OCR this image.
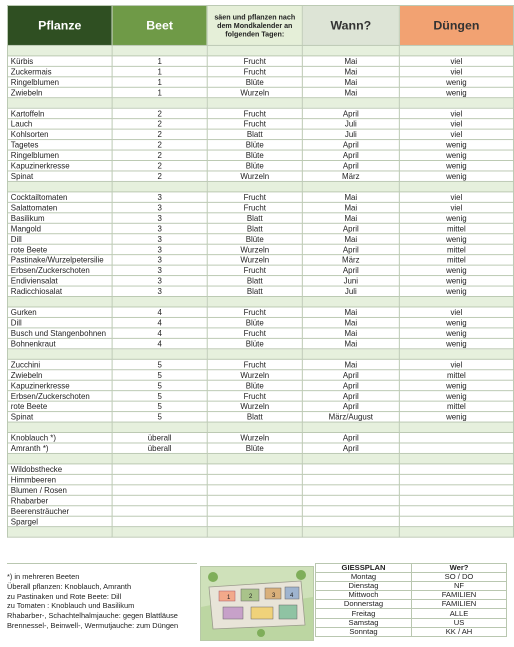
Pflanze	Beet	säen und pflanzen nach dem Mondkalender an folgenden Tagen:	Wann?	Düngen

Kürbis	1	Frucht	Mai	viel
Zuckermais	1	Frucht	Mai	viel
Ringelblumen	1	Blüte	Mai	wenig
Zwiebeln	1	Wurzeln	Mai	wenig

Kartoffeln	2	Frucht	April	viel
Lauch	2	Frucht	Juli	viel
Kohlsorten	2	Blatt	Juli	viel
Tagetes	2	Blüte	April	wenig
Ringelblumen	2	Blüte	April	wenig
Kapuzinerkresse	2	Blüte	April	wenig
Spinat	2	Wurzeln	März	wenig

Cocktailtomaten	3	Frucht	Mai	viel
Salattomaten	3	Frucht	Mai	viel
Basilikum	3	Blatt	Mai	wenig
Mangold	3	Blatt	April	mittel
Dill	3	Blüte	Mai	wenig
rote Beete	3	Wurzeln	April	mittel
Pastinake/Wurzelpetersilie	3	Wurzeln	März	mittel
Erbsen/Zuckerschoten	3	Frucht	April	wenig
Endiviensalat	3	Blatt	Juni	wenig
Radicchiosalat	3	Blatt	Juli	wenig

Gurken	4	Frucht	Mai	viel
Dill	4	Blüte	Mai	wenig
Busch und Stangenbohnen	4	Frucht	Mai	wenig
Bohnenkraut	4	Blüte	Mai	wenig

Zucchini	5	Frucht	Mai	viel
Zwiebeln	5	Wurzeln	April	mittel
Kapuzinerkresse	5	Blüte	April	wenig
Erbsen/Zuckerschoten	5	Frucht	April	wenig
rote Beete	5	Wurzeln	April	mittel
Spinat	5	Blatt	März/August	wenig

Knoblauch *)	überall	Wurzeln	April	
Amranth *)	überall	Blüte	April	

Wildobsthecke				
Himmbeeren				
Blumen / Rosen				
Rhabarber				
Beerensträucher				
Spargel				

*) in mehreren Beeten
Überall pflanzen: Knoblauch, Amranth
zu Pastinaken und Rote Beete: Dill
zu Tomaten : Knoblauch und Basilikum
Rhabarber-, Schachtelhalmjauche: gegen Blattläuse
Brennessel-, Beinwell-, Wermutjauche: zum Düngen
1	2	3 4
GIESSPLAN	Wer?
Montag	SO / DO
Dienstag	NF
Mittwoch	FAMILIEN
Donnerstag	FAMILIEN
Freitag	ALLE
Samstag	US
Sonntag	KK / AH
